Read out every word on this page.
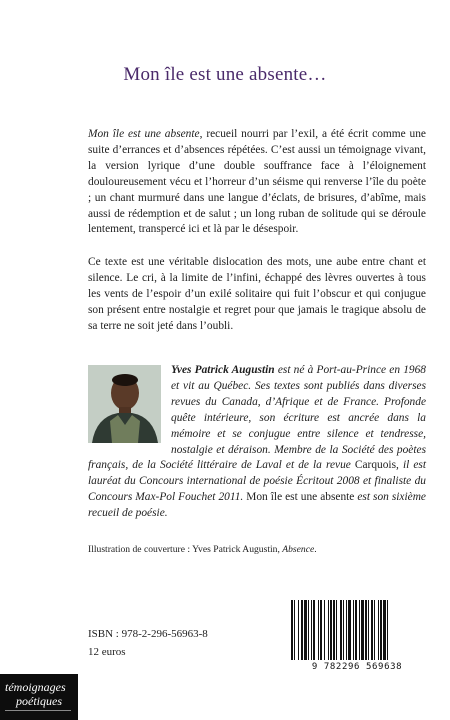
Mon île est une absente…

Mon île est une absente, recueil nourri par l’exil, a été écrit comme une suite d’errances et d’absences répétées. C’est aussi un témoignage vivant, la version lyrique d’une double souffrance face à l’éloignement douloureusement vécu et l’horreur d’un séisme qui renverse l’île du poète ; un chant murmuré dans une langue d’éclats, de brisures, d’abîme, mais aussi de rédemption et de salut ; un long ruban de solitude qui se déroule lentement, transpercé ici et là par le désespoir.

Ce texte est une véritable dislocation des mots, une aube entre chant et silence. Le cri, à la limite de l’infini, échappé des lèvres ouvertes à tous les vents de l’espoir d’un exilé solitaire qui fuit l’obscur et qui conjugue son présent entre nostalgie et regret pour que jamais le tragique absolu de sa terre ne soit jeté dans l’oubli.

Yves Patrick Augustin est né à Port-au-Prince en 1968 et vit au Québec. Ses textes sont publiés dans diverses revues du Canada, d’Afrique et de France. Profonde quête intérieure, son écriture est ancrée dans la mémoire et se conjugue entre silence et tendresse, nostalgie et déraison. Membre de la Société des poètes français, de la Société littéraire de Laval et de la revue Carquois, il est lauréat du Concours international de poésie Écritout 2008 et finaliste du Concours Max-Pol Fouchet 2011. Mon île est une absente est son sixième recueil de poésie.
Illustration de couverture : Yves Patrick Augustin, Absence.
ISBN : 978-2-296-56963-8
12 euros
9 782296 569638
témoignages
poétiques
